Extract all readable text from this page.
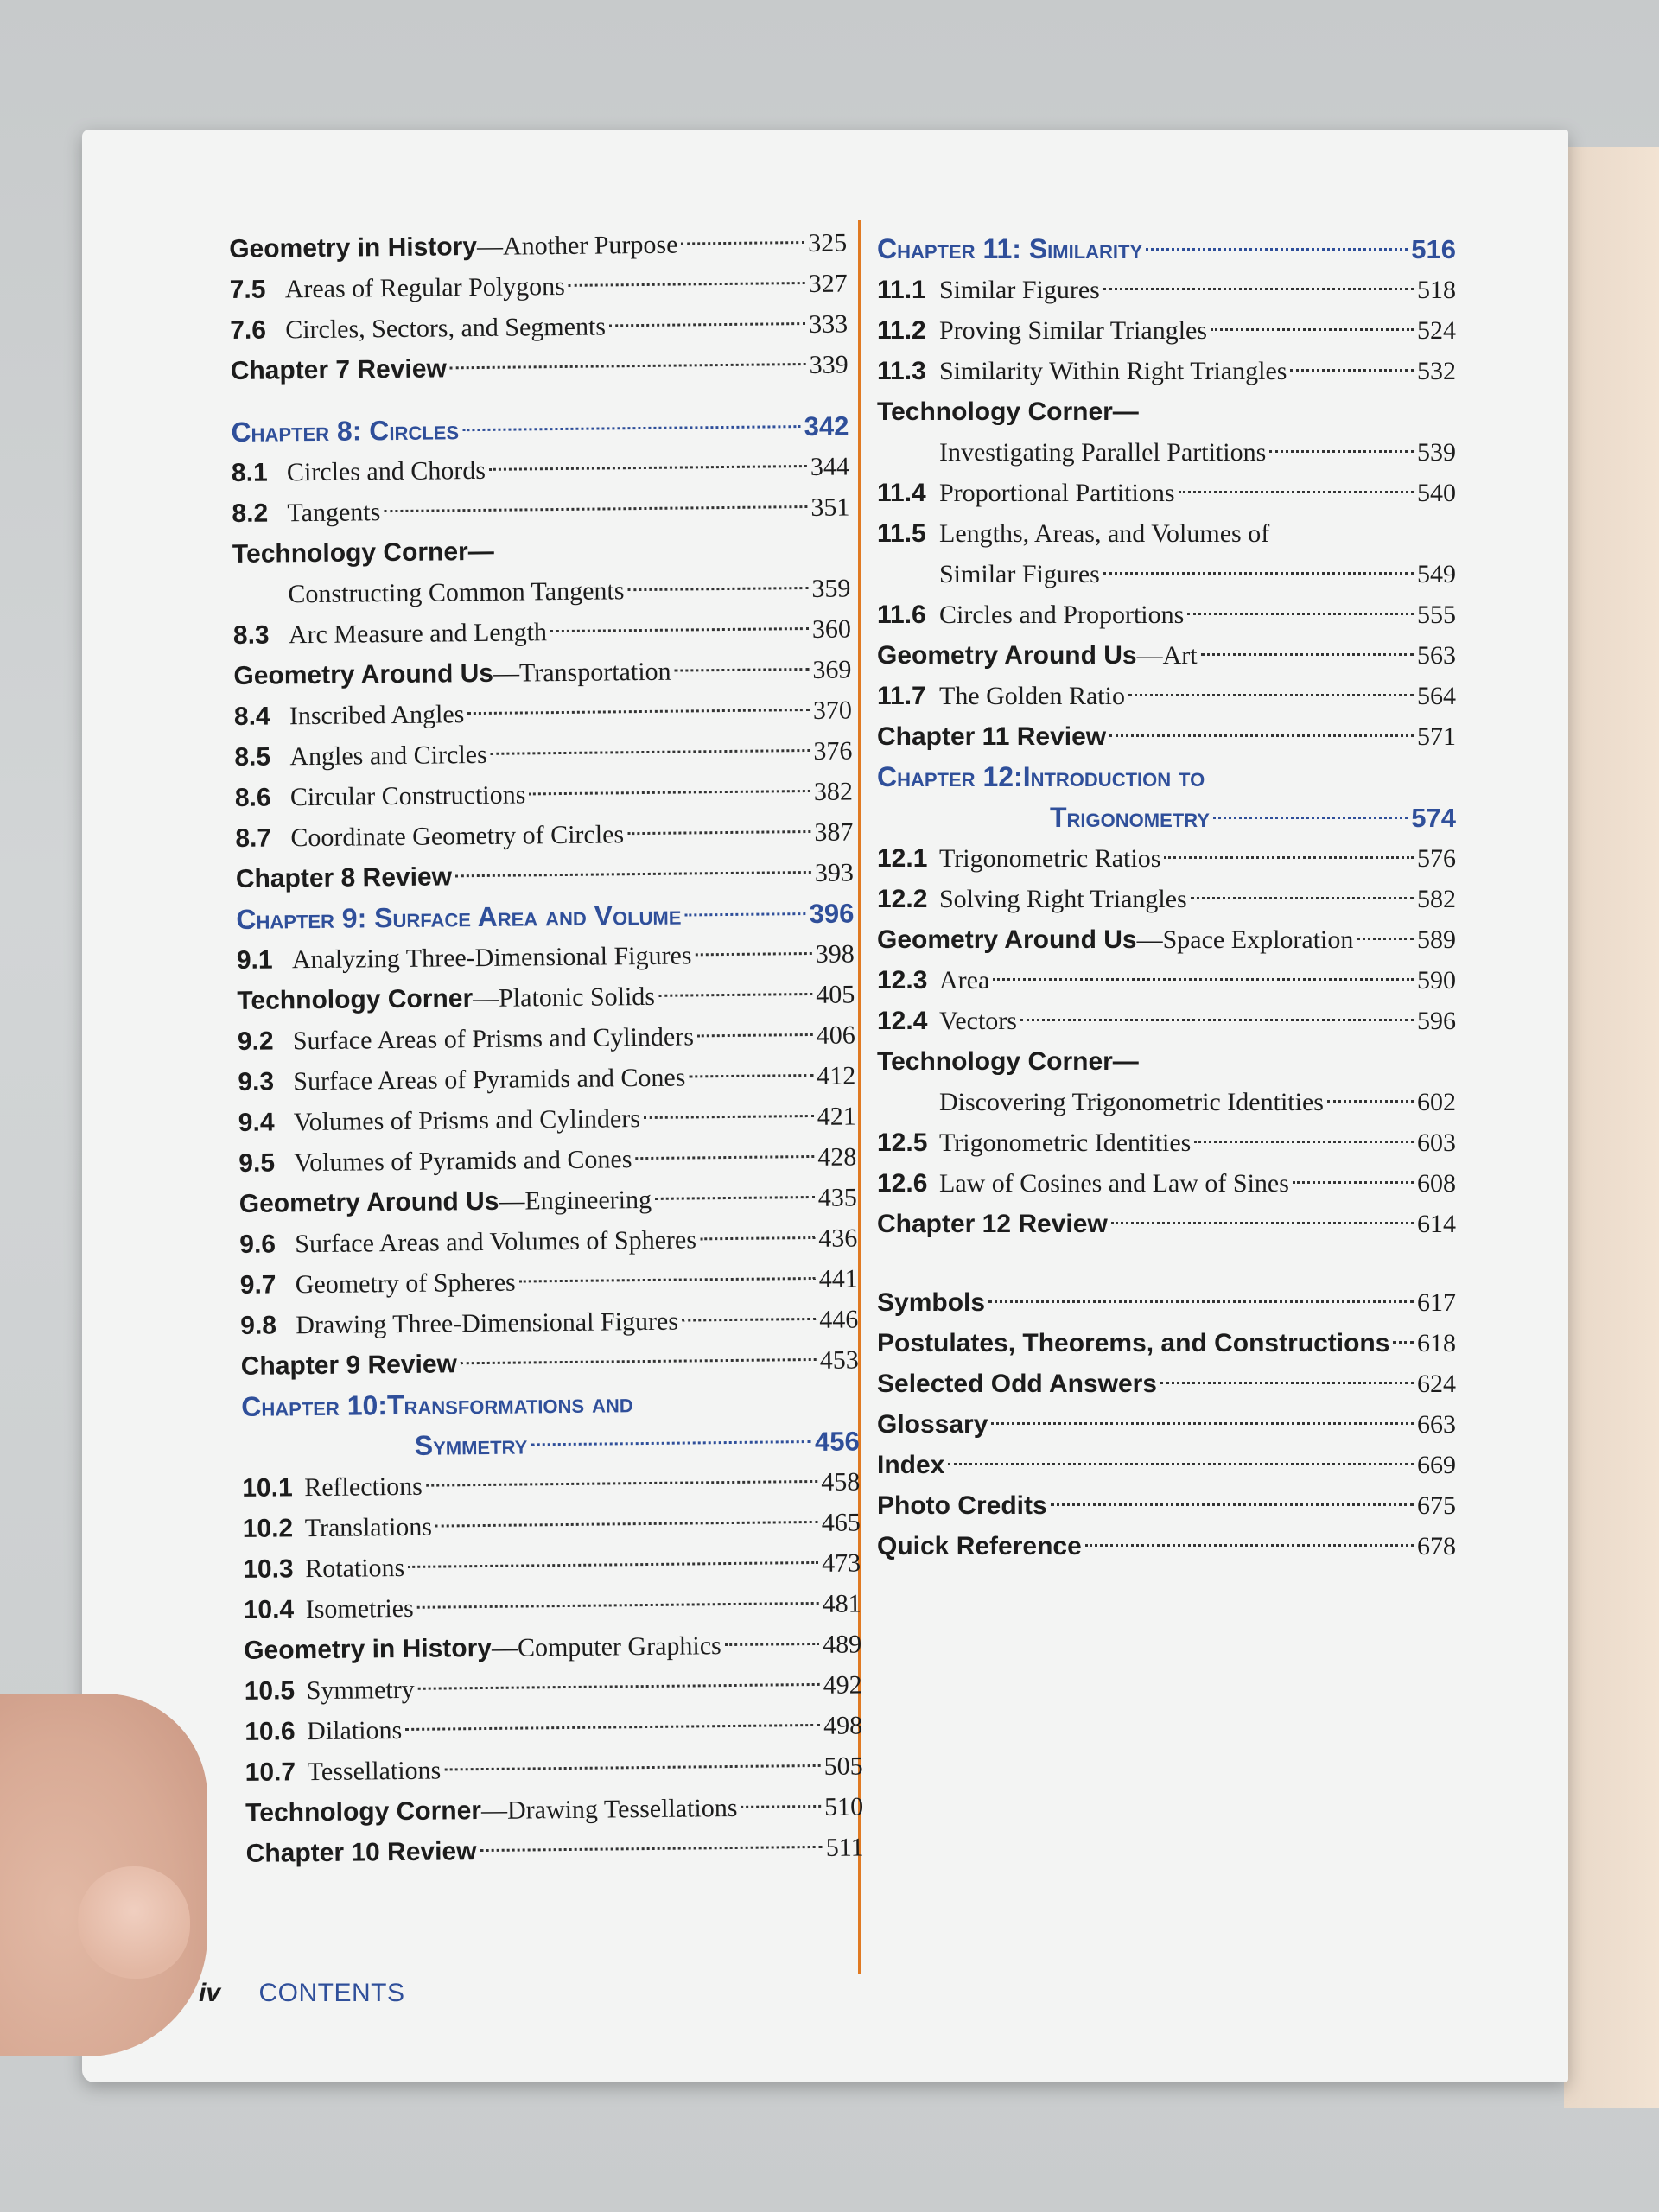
Geometry in History—Another Purpose	325
7.5 Areas of Regular Polygons	327
7.6 Circles, Sectors, and Segments	333
Chapter 7 Review	339
Chapter 8: Circles	342
8.1 Circles and Chords	344
8.2 Tangents	351
Technology Corner—
Constructing Common Tangents	359
8.3 Arc Measure and Length	360
Geometry Around Us—Transportation	369
8.4 Inscribed Angles	370
8.5 Angles and Circles	376
8.6 Circular Constructions	382
8.7 Coordinate Geometry of Circles	387
Chapter 8 Review	393
Chapter 9: Surface Area and Volume	396
9.1 Analyzing Three-Dimensional Figures	398
Technology Corner—Platonic Solids	405
9.2 Surface Areas of Prisms and Cylinders	406
9.3 Surface Areas of Pyramids and Cones	412
9.4 Volumes of Prisms and Cylinders	421
9.5 Volumes of Pyramids and Cones	428
Geometry Around Us—Engineering	435
9.6 Surface Areas and Volumes of Spheres	436
9.7 Geometry of Spheres	441
9.8 Drawing Three-Dimensional Figures	446
Chapter 9 Review	453
Chapter 10: Transformations and
Symmetry	456
10.1 Reflections	458
10.2 Translations	465
10.3 Rotations	473
10.4 Isometries	481
Geometry in History—Computer Graphics	489
10.5 Symmetry	492
10.6 Dilations	498
10.7 Tessellations	505
Technology Corner—Drawing Tessellations	510
Chapter 10 Review	511
Chapter 11: Similarity	516
11.1 Similar Figures	518
11.2 Proving Similar Triangles	524
11.3 Similarity Within Right Triangles	532
Technology Corner—
Investigating Parallel Partitions	539
11.4 Proportional Partitions	540
11.5 Lengths, Areas, and Volumes of
Similar Figures	549
11.6 Circles and Proportions	555
Geometry Around Us—Art	563
11.7 The Golden Ratio	564
Chapter 11 Review	571
Chapter 12: Introduction to
Trigonometry	574
12.1 Trigonometric Ratios	576
12.2 Solving Right Triangles	582
Geometry Around Us—Space Exploration 589
12.3 Area	590
12.4 Vectors	596
Technology Corner—
Discovering Trigonometric Identities	602
12.5 Trigonometric Identities	603
12.6 Law of Cosines and Law of Sines	608
Chapter 12 Review	614
Symbols	617
Postulates, Theorems, and Constructions 618
Selected Odd Answers	624
Glossary	663
Index	669
Photo Credits	675
Quick Reference	678
iv CONTENTS
